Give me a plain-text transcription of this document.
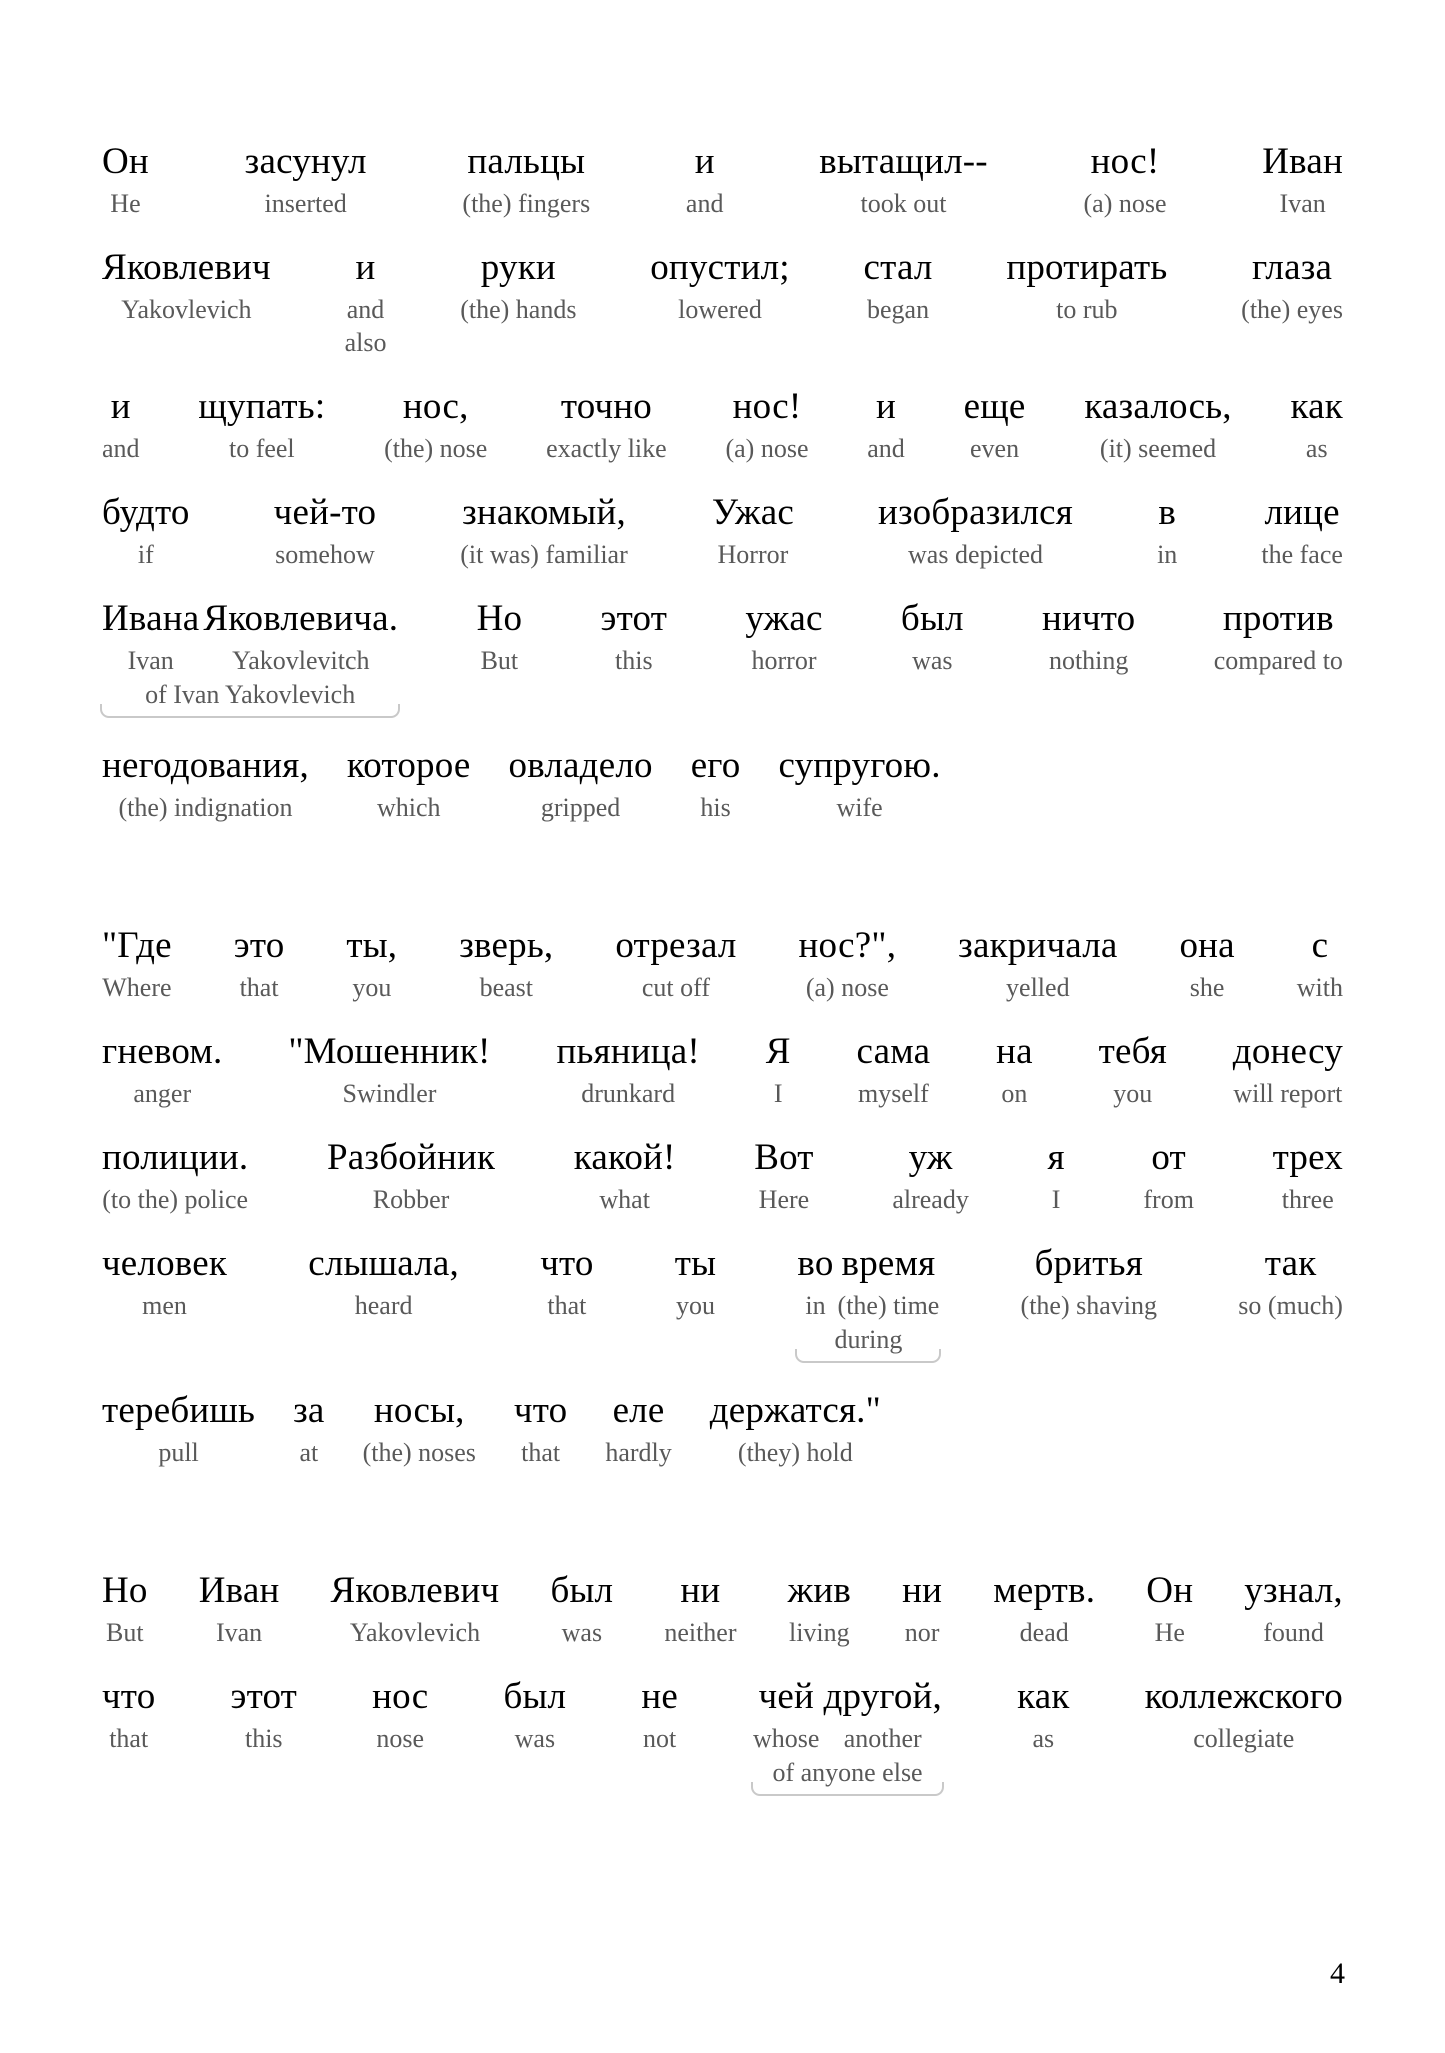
Он
He
засунул
inserted
пальцы
(the) fingers
и
and
вытащил--
took out
нос!
(a) nose
Иван
Ivan
Яковлевич
Yakovlevich
и
and
also
руки
(the) hands
опустил;
lowered
стал
began
протирать
to rub
глаза
(the) eyes
и
and
щупать:
to feel
нос,
(the) nose
точно
exactly like
нос!
(a) nose
и
and
еще
even
казалось,
(it) seemed
как
as
будто
if
чей-то
somehow
знакомый,
(it was) familiar
Ужас
Horror
изобразился
was depicted
в
in
лице
the face
Ивана
Ivan
Яковлевича.
Yakovlevitch
of Ivan Yakovlevich
Но
But
этот
this
ужас
horror
был
was
ничто
nothing
против
compared to
негодования,
(the) indignation
которое
which
овладело
gripped
его
his
супругою.
wife
"Где
Where
это
that
ты,
you
зверь,
beast
отрезал
cut off
нос?",
(a) nose
закричала
yelled
она
she
с
with
гневом.
anger
"Мошенник!
Swindler
пьяница!
drunkard
Я
I
сама
myself
на
on
тебя
you
донесу
will report
полиции.
(to the) police
Разбойник
Robber
какой!
what
Вот
Here
уж
already
я
I
от
from
трех
three
человек
men
слышала,
heard
что
that
ты
you
во
in
время
(the) time
during
бритья
(the) shaving
так
so (much)
теребишь
pull
за
at
носы,
(the) noses
что
that
еле
hardly
держатся."
(they) hold
Но
But
Иван
Ivan
Яковлевич
Yakovlevich
был
was
ни
neither
жив
living
ни
nor
мертв.
dead
Он
He
узнал,
found
что
that
этот
this
нос
nose
был
was
не
not
чей
whose
другой,
another
of anyone else
как
as
коллежского
collegiate
4
